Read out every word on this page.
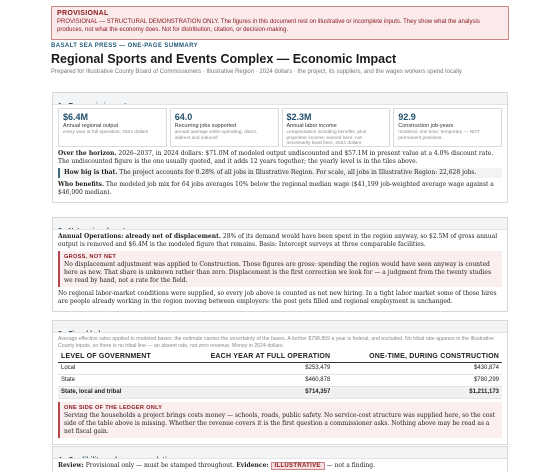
PROVISIONAL
PROVISIONAL — STRUCTURAL DEMONSTRATION ONLY. The figures in this document rest on illustrative or incomplete inputs. They show what the analysis produces, not what the economy does. Not for distribution, citation, or decision-making.
BASALT SEA PRESS — ONE-PAGE SUMMARY
Regional Sports and Events Complex — Economic Impact
Prepared for Illustrative County Board of Commissioners · Illustrative Region · 2024 dollars · the project, its suppliers, and the wages workers spend locally
$6.4M
Annual regional output
every year at full operation; 2024 dollars
64.0
Recurring jobs supported
annual average while operating; direct, indirect and induced
$2.3M
Annual labor income
compensation including benefits, plus proprietor income; earned here, not necessarily lived here; 2024 dollars
92.9
Construction job-years
modeled, one-time; temporary — NOT permanent positions
Over the horizon. 2026–2037, in 2024 dollars: $71.0M of modeled output undiscounted and $57.1M in present value at a 4.0% discount rate. The undiscounted figure is the one usually quoted, and it adds 12 years together; the yearly level is in the tiles above.
How big is that. The project accounts for 0.28% of all jobs in Illustrative Region. For scale, all jobs in Illustrative Region: 22,628 jobs.
Who benefits. The modeled job mix for 64 jobs averages 10% below the regional median wage ($41,199 job-weighted average wage against a $46,000 median).
Annual Operations: already net of displacement. 28% of its demand would have been spent in the region anyway, so $2.5M of gross annual output is removed and $6.4M is the modeled figure that remains. Basis: Intercept surveys at three comparable facilities.
GROSS, NOT NET
No displacement adjustment was applied to Construction. Those figures are gross: spending the region would have seen anyway is counted here as new. That share is unknown rather than zero. Displacement is the first correction we look for — a judgment from the twenty studies we read by hand, not a rate for the field.
No regional labor-market conditions were supplied, so every job above is counted as net new hiring. In a tight labor market some of those hires are people already working in the region moving between employers: the post gets filled and regional employment is unchanged.
Average effective rates applied to modeled bases; the estimate carries the uncertainty of the bases. A further $798,859 a year is federal, and excluded. No tribal rate appears in the Illustrative County inputs, so there is no tribal line — an absent rate, not zero revenue. Money in 2024 dollars.
LEVEL OF GOVERNMENT	EACH YEAR AT FULL OPERATION	ONE-TIME, DURING CONSTRUCTION
Local	$253,479	$430,874
State	$460,878	$780,299
State, local and tribal	$714,357	$1,211,173
ONE SIDE OF THE LEDGER ONLY
Serving the households a project brings costs money — schools, roads, public safety. No service-cost structure was supplied here, so the cost side of the table above is missing. Whether the revenue covers it is the first question a commissioner asks. Nothing above may be read as a net fiscal gain.
Review: Provisional only — must be stamped throughout. Evidence: ILLUSTRATIVE — not a finding.
